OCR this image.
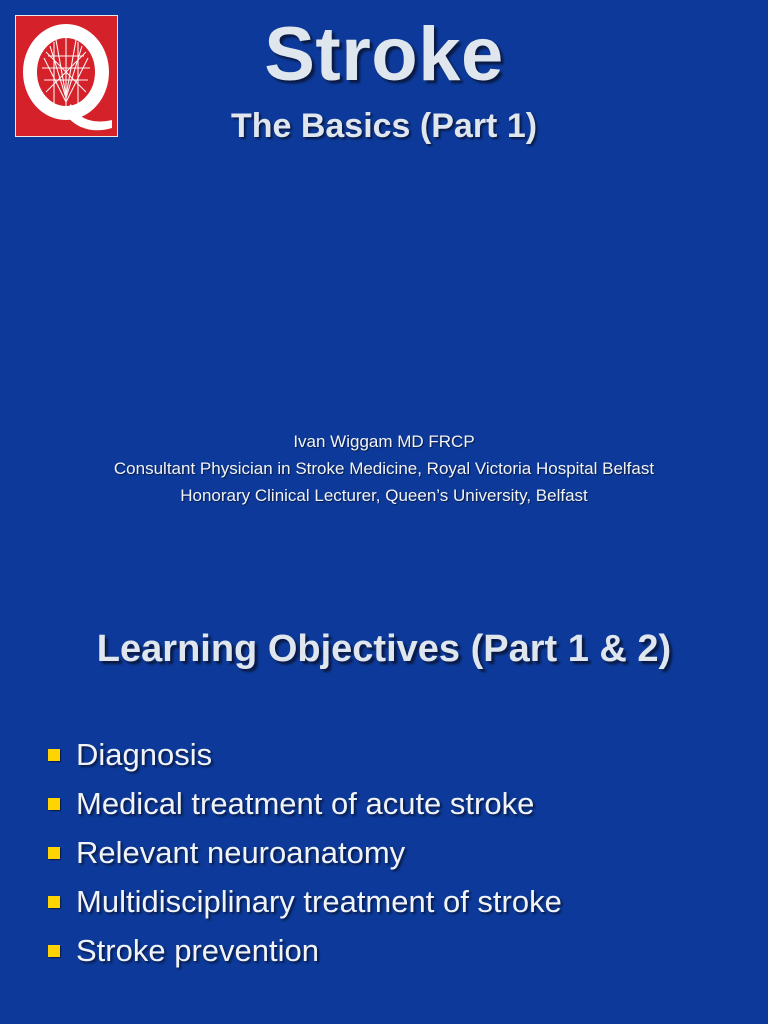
Stroke
The Basics (Part 1)
Ivan Wiggam MD FRCP
Consultant Physician in Stroke Medicine, Royal Victoria Hospital Belfast
Honorary Clinical Lecturer, Queen’s University, Belfast
Learning Objectives (Part 1 & 2)
Diagnosis
Medical treatment of acute stroke
Relevant neuroanatomy
Multidisciplinary treatment of stroke
Stroke prevention
